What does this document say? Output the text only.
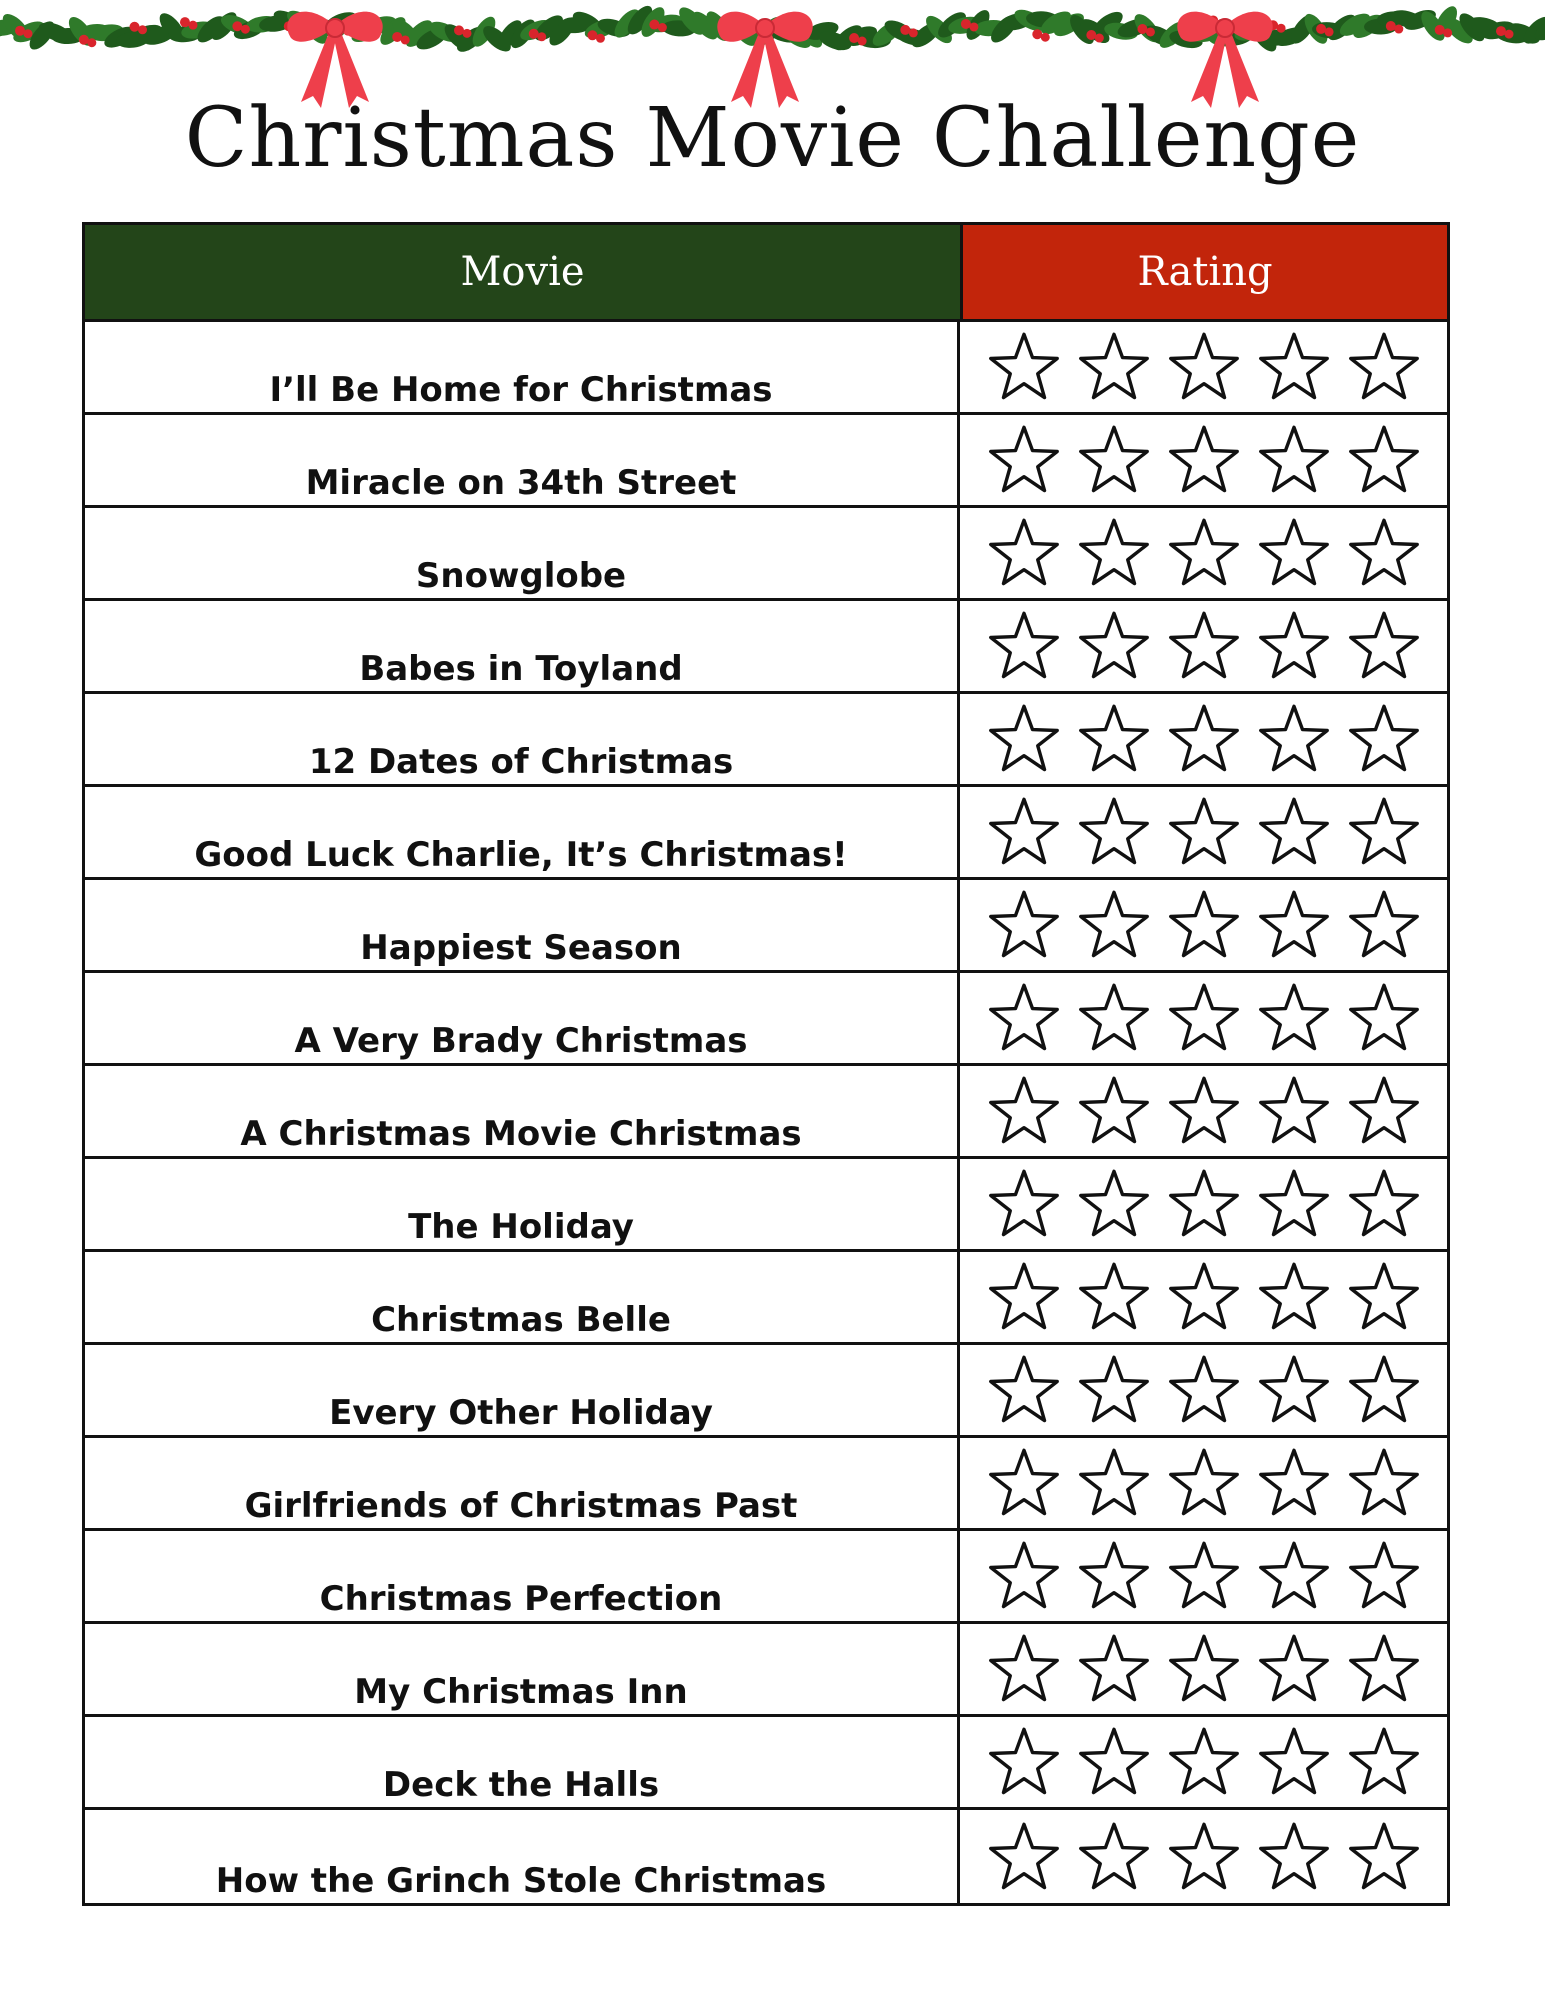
Christmas Movie Challenge
Movie	Rating
I’ll Be Home for Christmas
Miracle on 34th Street
Snowglobe
Babes in Toyland
12 Dates of Christmas
Good Luck Charlie, It’s Christmas!
Happiest Season
A Very Brady Christmas
A Christmas Movie Christmas
The Holiday
Christmas Belle
Every Other Holiday
Girlfriends of Christmas Past
Christmas Perfection
My Christmas Inn
Deck the Halls
How the Grinch Stole Christmas
